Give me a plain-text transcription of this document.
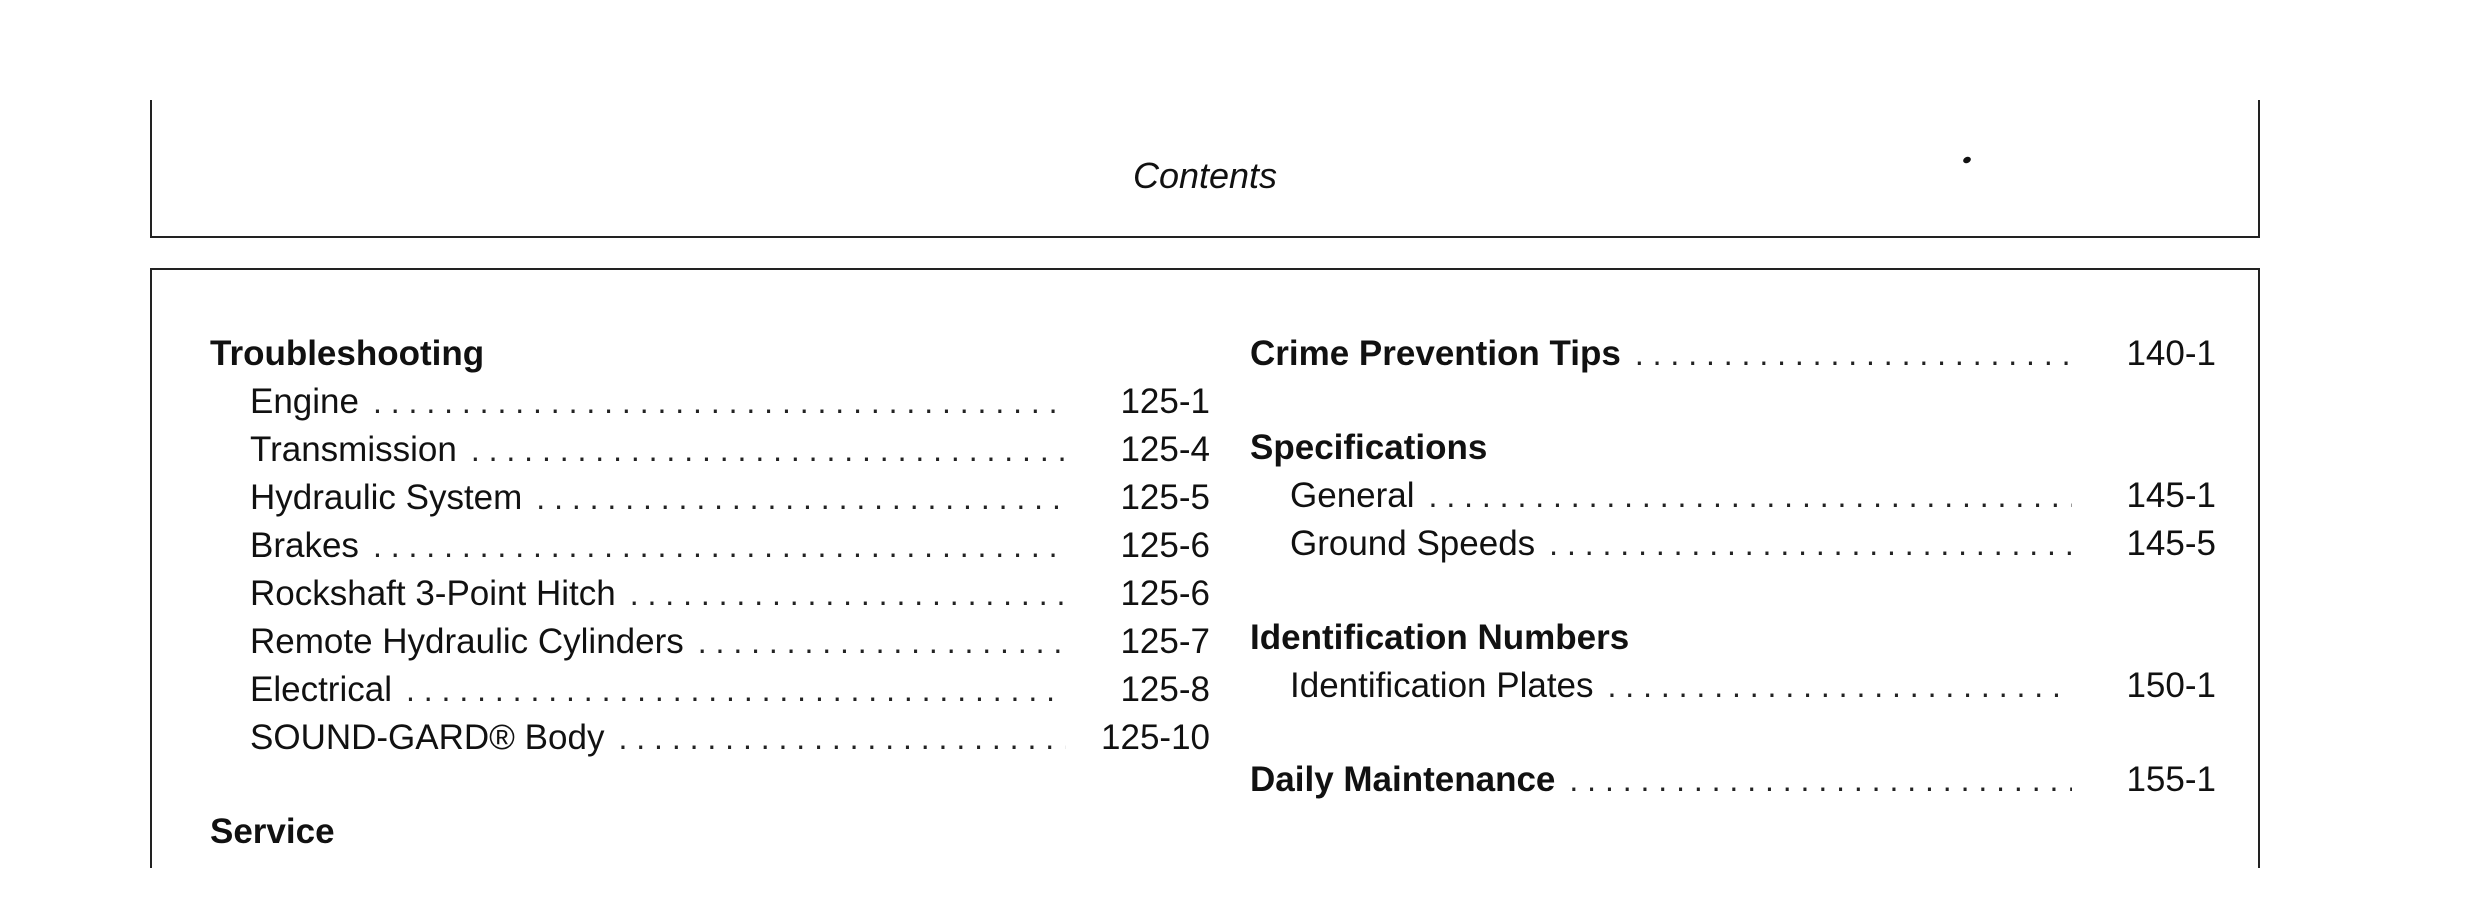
Contents
Troubleshooting
Engine . . .	125-1
Transmission . . .	125-4
Hydraulic System . . .	125-5
Brakes . . .	125-6
Rockshaft 3-Point Hitch . . .	125-6
Remote Hydraulic Cylinders . . .	125-7
Electrical . . .	125-8
SOUND-GARD® Body . . .	125-10
Service
Crime Prevention Tips . . .	140-1
Specifications
General . . .	145-1
Ground Speeds . . .	145-5
Identification Numbers
Identification Plates . . .	150-1
Daily Maintenance . . .	155-1
